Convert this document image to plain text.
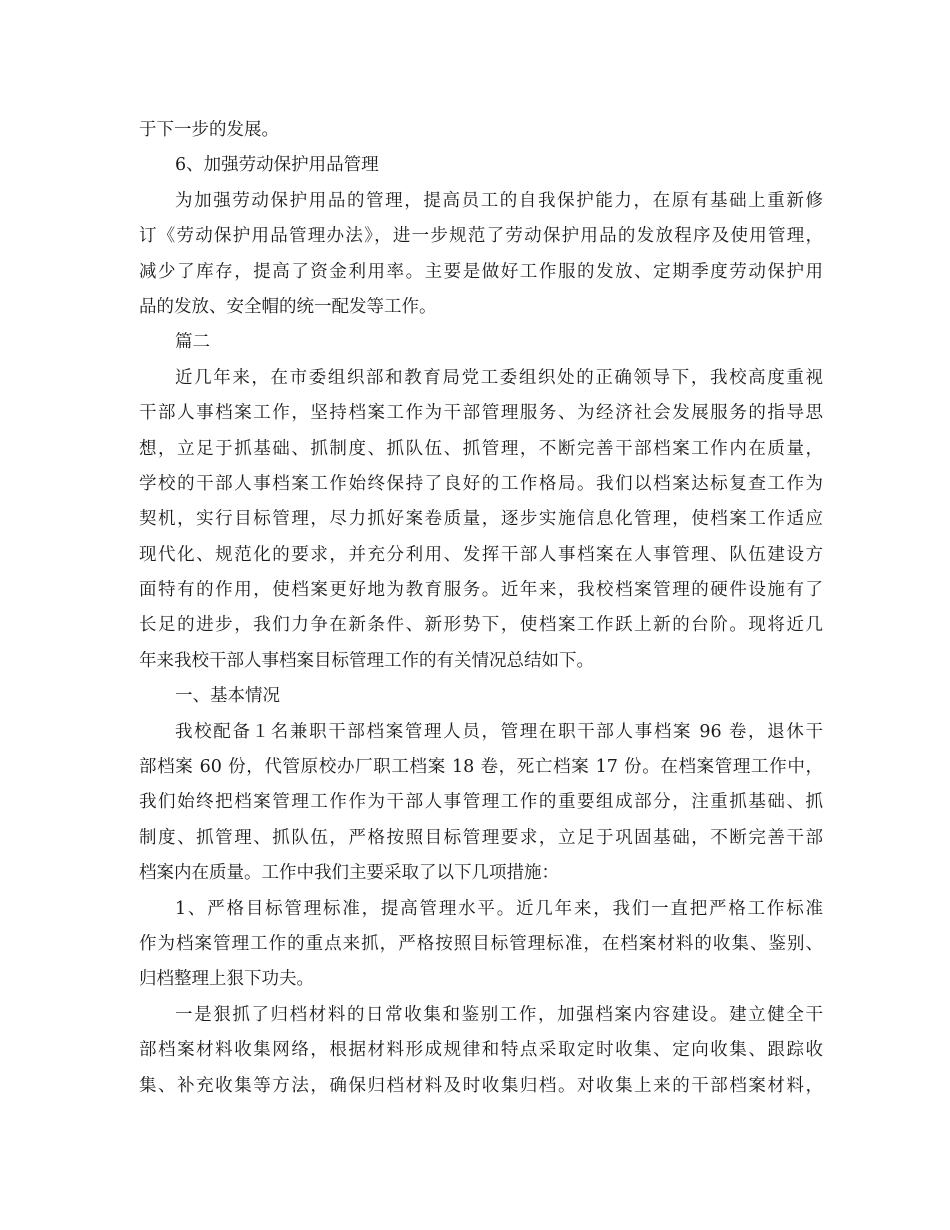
于下一步的发展。
6、加强劳动保护用品管理
为加强劳动保护用品的管理，提高员工的自我保护能力，在原有基础上重新修
订《劳动保护用品管理办法》，进一步规范了劳动保护用品的发放程序及使用管理，
减少了库存，提高了资金利用率。主要是做好工作服的发放、定期季度劳动保护用
品的发放、安全帽的统一配发等工作。
篇二
近几年来，在市委组织部和教育局党工委组织处的正确领导下，我校高度重视
干部人事档案工作，坚持档案工作为干部管理服务、为经济社会发展服务的指导思
想，立足于抓基础、抓制度、抓队伍、抓管理，不断完善干部档案工作内在质量，
学校的干部人事档案工作始终保持了良好的工作格局。我们以档案达标复查工作为
契机，实行目标管理，尽力抓好案卷质量，逐步实施信息化管理，使档案工作适应
现代化、规范化的要求，并充分利用、发挥干部人事档案在人事管理、队伍建设方
面特有的作用，使档案更好地为教育服务。近年来，我校档案管理的硬件设施有了
长足的进步，我们力争在新条件、新形势下，使档案工作跃上新的台阶。现将近几
年来我校干部人事档案目标管理工作的有关情况总结如下。
一、基本情况
我校配备１名兼职干部档案管理人员，管理在职干部人事档案 96 卷，退休干
部档案 60 份，代管原校办厂职工档案 18 卷，死亡档案 17 份。在档案管理工作中，
我们始终把档案管理工作作为干部人事管理工作的重要组成部分，注重抓基础、抓
制度、抓管理、抓队伍，严格按照目标管理要求，立足于巩固基础，不断完善干部
档案内在质量。工作中我们主要采取了以下几项措施：
1、严格目标管理标准，提高管理水平。近几年来，我们一直把严格工作标准
作为档案管理工作的重点来抓，严格按照目标管理标准，在档案材料的收集、鉴别、
归档整理上狠下功夫。
一是狠抓了归档材料的日常收集和鉴别工作，加强档案内容建设。建立健全干
部档案材料收集网络，根据材料形成规律和特点采取定时收集、定向收集、跟踪收
集、补充收集等方法，确保归档材料及时收集归档。对收集上来的干部档案材料，
